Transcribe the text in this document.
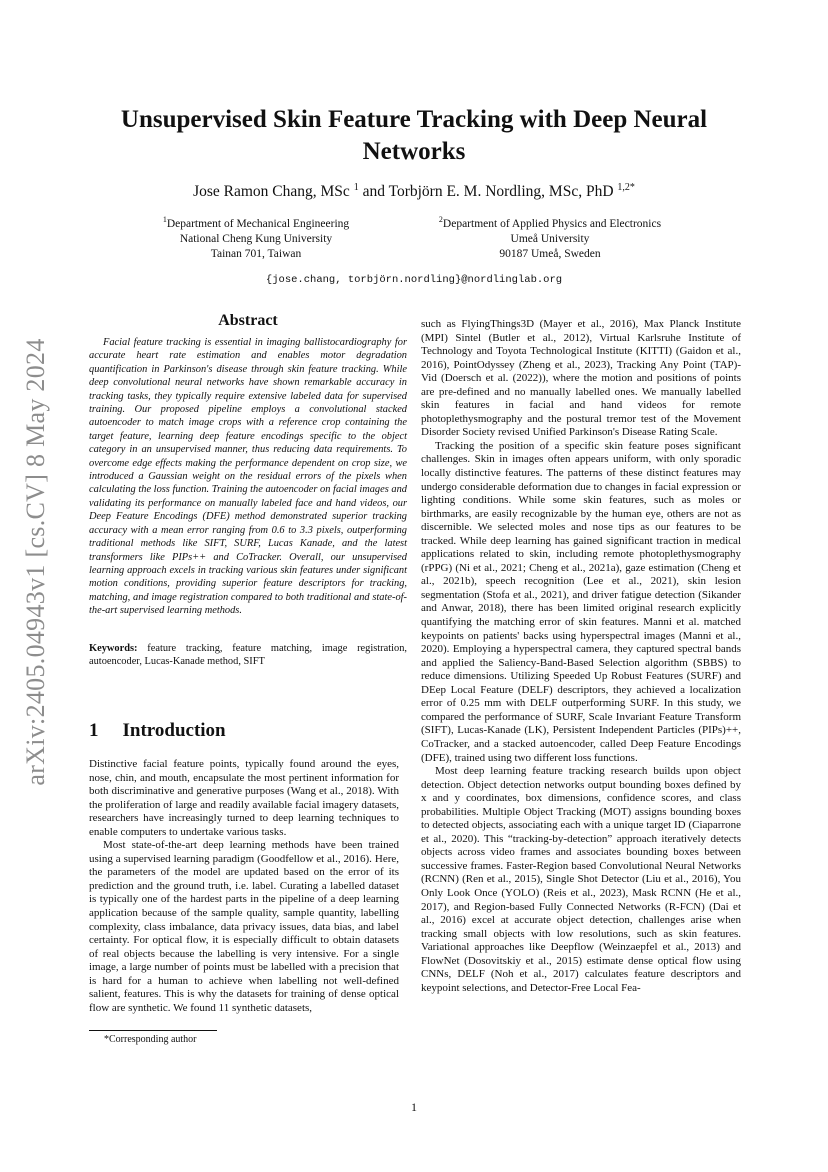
arXiv:2405.04943v1 [cs.CV] 8 May 2024
Unsupervised Skin Feature Tracking with Deep Neural
Networks
Jose Ramon Chang, MSc $^1$ and Torbjörn E. M. Nordling, MSc, PhD $^{1,2*}$
$^1$Department of Mechanical Engineering
National Cheng Kung University
Tainan 701, Taiwan
$^2$Department of Applied Physics and Electronics
Umeå University
90187 Umeå, Sweden
{jose.chang, torbjörn.nordling}@nordlinglab.org
Abstract

Facial feature tracking is essential in imaging ballistocardiography for accurate heart rate estimation and enables motor degradation quantification in Parkinson's disease through skin feature tracking. While deep convolutional neural networks have shown remarkable accuracy in tracking tasks, they typically require extensive labeled data for supervised training. Our proposed pipeline employs a convolutional stacked autoencoder to match image crops with a reference crop containing the target feature, learning deep feature encodings specific to the object category in an unsupervised manner, thus reducing data requirements. To overcome edge effects making the performance dependent on crop size, we introduced a Gaussian weight on the residual errors of the pixels when calculating the loss function. Training the autoencoder on facial images and validating its performance on manually labeled face and hand videos, our Deep Feature Encodings (DFE) method demonstrated superior tracking accuracy with a mean error ranging from 0.6 to 3.3 pixels, outperforming traditional methods like SIFT, SURF, Lucas Kanade, and the latest transformers like PIPs++ and CoTracker. Overall, our unsupervised learning approach excels in tracking various skin features under significant motion conditions, providing superior feature descriptors for tracking, matching, and image registration compared to both traditional and state-of-the-art supervised learning methods.

Keywords: feature tracking, feature matching, image registration, autoencoder, Lucas-Kanade method, SIFT
1 Introduction

Distinctive facial feature points, typically found around the eyes, nose, chin, and mouth, encapsulate the most pertinent information for both discriminative and generative purposes (Wang et al., 2018). With the proliferation of large and readily available facial imagery datasets, researchers have increasingly turned to deep learning techniques to enable computers to undertake various tasks.

Most state-of-the-art deep learning methods have been trained using a supervised learning paradigm (Goodfellow et al., 2016). Here, the parameters of the model are updated based on the error of its prediction and the ground truth, i.e. label. Curating a labelled dataset is typically one of the hardest parts in the pipeline of a deep learning application because of the sample quality, sample quantity, labelling complexity, class imbalance, data privacy issues, data bias, and label certainty. For optical flow, it is especially difficult to obtain datasets of real objects because the labelling is very intensive. For a single image, a large number of points must be labelled with a precision that is hard for a human to achieve when labelling not well-defined salient, features. This is why the datasets for training of dense optical flow are synthetic. We found 11 synthetic datasets,

such as FlyingThings3D (Mayer et al., 2016), Max Planck Institute (MPI) Sintel (Butler et al., 2012), Virtual Karlsruhe Institute of Technology and Toyota Technological Institute (KITTI) (Gaidon et al., 2016), PointOdyssey (Zheng et al., 2023), Tracking Any Point (TAP)-Vid (Doersch et al. (2022)), where the motion and positions of points are pre-defined and no manually labelled ones. We manually labelled skin features in facial and hand videos for remote photoplethysmography and the postural tremor test of the Movement Disorder Society revised Unified Parkinson's Disease Rating Scale.

Tracking the position of a specific skin feature poses significant challenges. Skin in images often appears uniform, with only sporadic locally distinctive features. The patterns of these distinct features may undergo considerable deformation due to changes in facial expression or lighting conditions. While some skin features, such as moles or birthmarks, are easily recognizable by the human eye, others are not as discernible. We selected moles and nose tips as our features to be tracked. While deep learning has gained significant traction in medical applications related to skin, including remote photoplethysmography (rPPG) (Ni et al., 2021; Cheng et al., 2021a), gaze estimation (Cheng et al., 2021b), speech recognition (Lee et al., 2021), skin lesion segmentation (Stofa et al., 2021), and driver fatigue detection (Sikander and Anwar, 2018), there has been limited original research explicitly quantifying the matching error of skin features. Manni et al. matched keypoints on patients' backs using hyperspectral images (Manni et al., 2020). Employing a hyperspectral camera, they captured spectral bands and applied the Saliency-Band-Based Selection algorithm (SBBS) to reduce dimensions. Utilizing Speeded Up Robust Features (SURF) and DEep Local Feature (DELF) descriptors, they achieved a localization error of 0.25 mm with DELF outperforming SURF. In this study, we compared the performance of SURF, Scale Invariant Feature Transform (SIFT), Lucas-Kanade (LK), Persistent Independent Particles (PIPs)++, CoTracker, and a stacked autoencoder, called Deep Feature Encodings (DFE), trained using two different loss functions.

Most deep learning feature tracking research builds upon object detection. Object detection networks output bounding boxes defined by x and y coordinates, box dimensions, confidence scores, and class probabilities. Multiple Object Tracking (MOT) assigns bounding boxes to detected objects, associating each with a unique target ID (Ciaparrone et al., 2020). This “tracking-by-detection” approach iteratively detects objects across video frames and associates bounding boxes between successive frames. Faster-Region based Convolutional Neural Networks (RCNN) (Ren et al., 2015), Single Shot Detector (Liu et al., 2016), You Only Look Once (YOLO) (Reis et al., 2023), Mask RCNN (He et al., 2017), and Region-based Fully Connected Networks (R-FCN) (Dai et al., 2016) excel at accurate object detection, challenges arise when tracking small objects with low resolutions, such as skin features. Variational approaches like Deepflow (Weinzaepfel et al., 2013) and FlowNet (Dosovitskiy et al., 2015) estimate dense optical flow using CNNs, DELF (Noh et al., 2017) calculates feature descriptors and keypoint selections, and Detector-Free Local Fea-

*Corresponding author
1
